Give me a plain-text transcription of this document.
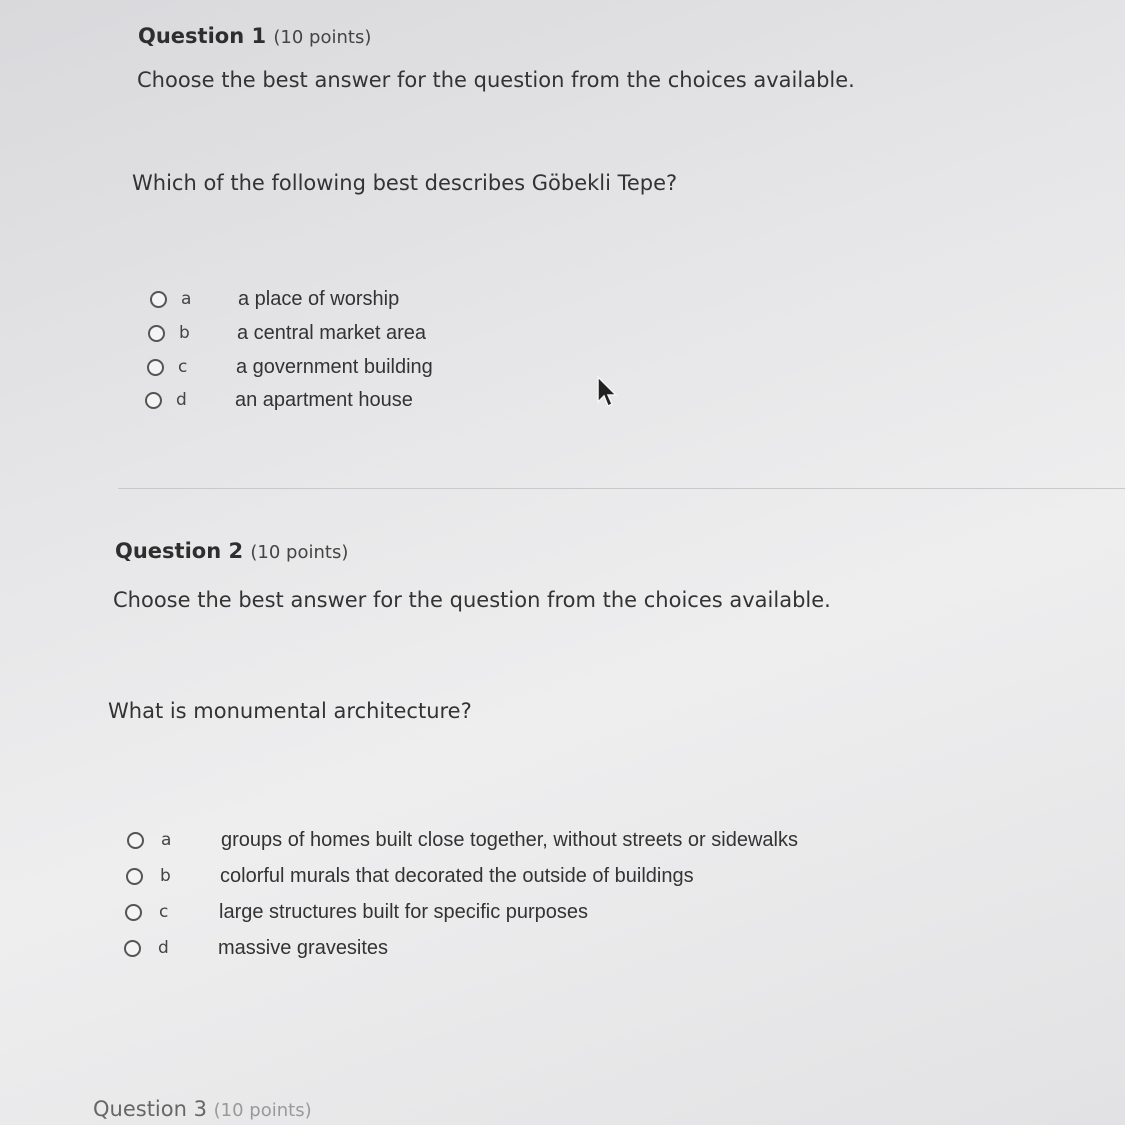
Question 1 (10 points)
Choose the best answer for the question from the choices available.
Which of the following best describes Göbekli Tepe?
a a place of worship
b a central market area
c a government building
d an apartment house
Question 2 (10 points)
Choose the best answer for the question from the choices available.
What is monumental architecture?
a groups of homes built close together, without streets or sidewalks
b colorful murals that decorated the outside of buildings
c	large structures built for specific purposes
d massive gravesites
Question 3 (10 points)
